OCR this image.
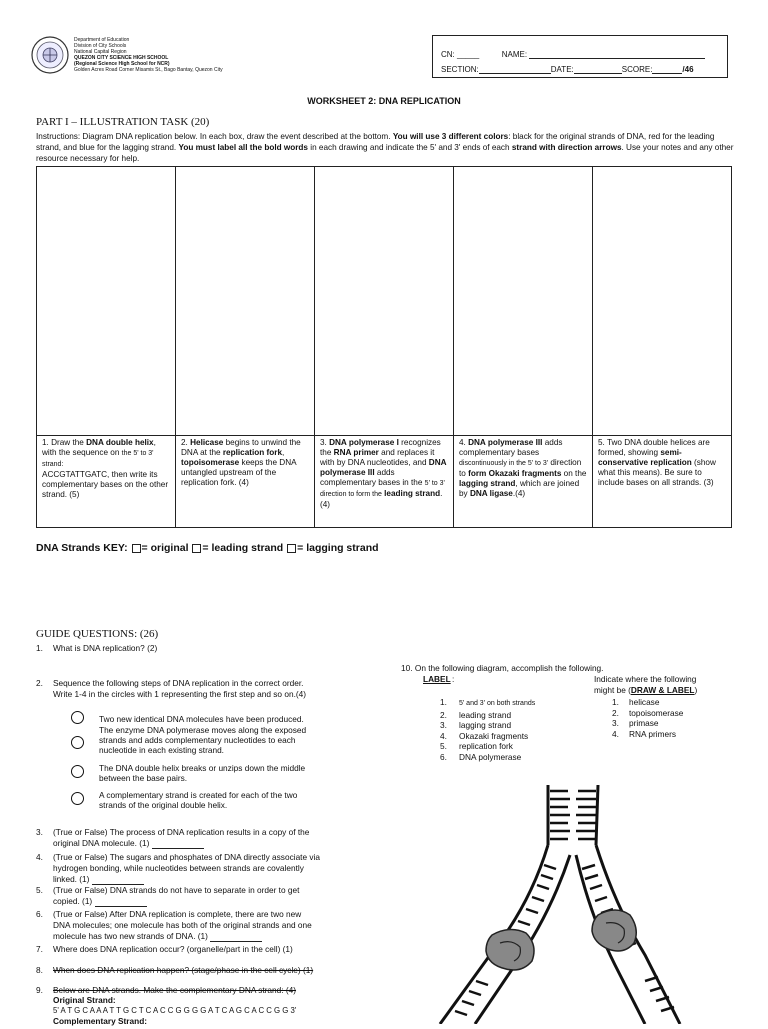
Department of Education
Division of City Schools
National Capital Region
QUEZON CITY SCIENCE HIGH SCHOOL
(Regional Science High School for NCR)
Golden Acres Road Corner Misamis St., Bago Bantay, Quezon City
CN: _____	NAME:
SECTION:	DATE:	SCORE:	/46
WORKSHEET 2: DNA REPLICATION
PART I – ILLUSTRATION TASK (20)
Instructions: Diagram DNA replication below. In each box, draw the event described at the bottom. You will use 3 different colors: black for the original strands of DNA, red for the leading strand, and blue for the lagging strand. You must label all the bold words in each drawing and indicate the 5' and 3' ends of each strand with direction arrows. Use your notes and any other resource necessary for help.
1. Draw the DNA double helix, with the sequence on the 5' to 3' strand:
ACCGTATTGATC, then write its complementary bases on the other strand. (5)
2. Helicase begins to unwind the DNA at the replication fork, topoisomerase keeps the DNA untangled upstream of the replication fork. (4)
3. DNA polymerase I recognizes the RNA primer and replaces it with by DNA nucleotides, and DNA polymerase III adds complementary bases in the 5' to 3' direction to form the leading strand. (4)
4. DNA polymerase III adds complementary bases discontinuously in the 5' to 3' direction to form Okazaki fragments on the lagging strand, which are joined by DNA ligase.(4)
5. Two DNA double helices are formed, showing semi-conservative replication (show what this means). Be sure to include bases on all strands. (3)
DNA Strands KEY: = original = leading strand = lagging strand
GUIDE QUESTIONS: (26)
1. What is DNA replication? (2)
2. Sequence the following steps of DNA replication in the correct order.
Write 1-4 in the circles with 1 representing the first step and so on.(4)
Two new identical DNA molecules have been produced.
The enzyme DNA polymerase moves along the exposed
strands and adds complementary nucleotides to each
nucleotide in each existing strand.
The DNA double helix breaks or unzips down the middle
between the base pairs.
A complementary strand is created for each of the two
strands of the original double helix.
3. (True or False) The process of DNA replication results in a copy of the
original DNA molecule. (1)
4. (True or False) The sugars and phosphates of DNA directly associate via
hydrogen bonding, while nucleotides between strands are covalently
linked. (1)
5. (True or False) DNA strands do not have to separate in order to get
copied. (1)
6. (True or False) After DNA replication is complete, there are two new
DNA molecules; one molecule has both of the original strands and one
molecule has two new strands of DNA. (1)
7. Where does DNA replication occur? (organelle/part in the cell) (1)
8. When does DNA replication happen? (stage/phase in the cell cycle) (1)
9. Below are DNA strands. Make the complementary DNA strand: (4)
Original Strand:
5' A T G C A A A T T G C T C A C C G G G G A T C A G C A C C G G 3'
Complementary Strand:
10. On the following diagram, accomplish the following.
LABEL :	Indicate where the following
might be (DRAW & LABEL)
1. 5' and 3' on both strands
2. leading strand
3. lagging strand
4. Okazaki fragments
5. replication fork
6. DNA polymerase
1. helicase
2. topoisomerase
3. primase
4. RNA primers
